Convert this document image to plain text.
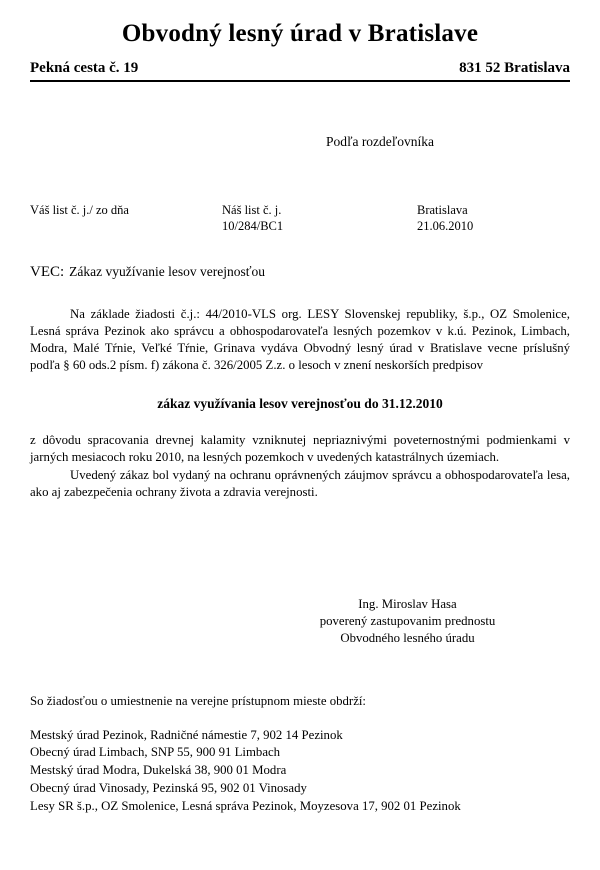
Obvodný lesný úrad v Bratislave
Pekná cesta č. 19	831 52 Bratislava
Podľa rozdeľovníka
Váš list č. j./ zo dňa	Náš list č. j.
10/284/BC1
Bratislava
21.06.2010
VEC: Zákaz využívanie lesov verejnosťou

Na základe žiadosti č.j.: 44/2010-VLS org. LESY Slovenskej republiky, š.p., OZ Smolenice, Lesná správa Pezinok ako správcu a obhospodarovateľa lesných pozemkov v k.ú. Pezinok, Limbach, Modra, Malé Tŕnie, Veľké Tŕnie, Grinava vydáva Obvodný lesný úrad v Bratislave vecne príslušný podľa § 60 ods.2 písm. f) zákona č. 326/2005 Z.z. o lesoch v znení neskorších predpisov

zákaz využívania lesov verejnosťou do 31.12.2010

z dôvodu spracovania drevnej kalamity vzniknutej nepriaznivými poveternostnými podmienkami v jarných mesiacoch roku 2010, na lesných pozemkoch v uvedených katastrálnych územiach.

Uvedený zákaz bol vydaný na ochranu oprávnených záujmov správcu a obhospodarovateľa lesa, ako aj zabezpečenia ochrany života a zdravia verejnosti.

Ing. Miroslav Hasa
poverený zastupovanim prednostu
Obvodného lesného úradu
So žiadosťou o umiestnenie na verejne prístupnom mieste obdrží:
Mestský úrad Pezinok, Radničné námestie 7, 902 14 Pezinok
Obecný úrad Limbach, SNP 55, 900 91 Limbach
Mestský úrad Modra, Dukelská 38, 900 01 Modra
Obecný úrad Vinosady, Pezinská 95, 902 01 Vinosady
Lesy SR š.p., OZ Smolenice, Lesná správa Pezinok, Moyzesova 17, 902 01 Pezinok
